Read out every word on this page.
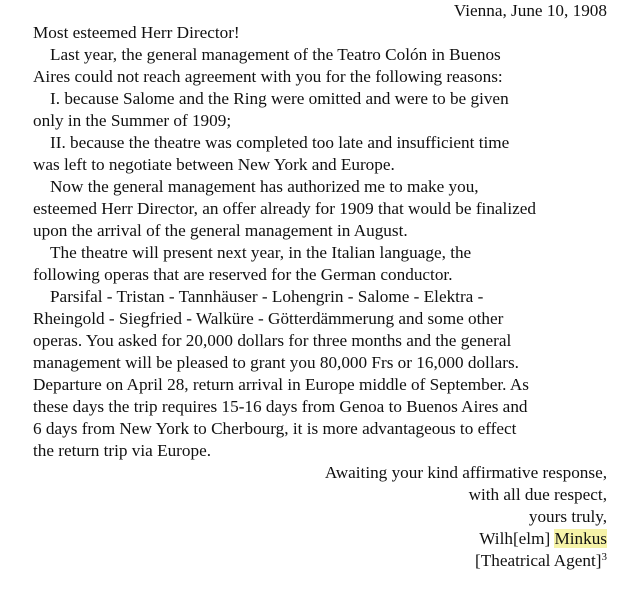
Vienna, June 10, 1908
Most esteemed Herr Director!
Last year, the general management of the Teatro Colón in Buenos
Aires could not reach agreement with you for the following reasons:
I. because Salome and the Ring were omitted and were to be given
only in the Summer of 1909;
II. because the theatre was completed too late and insufficient time
was left to negotiate between New York and Europe.
Now the general management has authorized me to make you,
esteemed Herr Director, an offer already for 1909 that would be finalized
upon the arrival of the general management in August.
The theatre will present next year, in the Italian language, the
following operas that are reserved for the German conductor.
Parsifal - Tristan - Tannhäuser - Lohengrin - Salome - Elektra -
Rheingold - Siegfried - Walküre - Götterdämmerung and some other
operas. You asked for 20,000 dollars for three months and the general
management will be pleased to grant you 80,000 Frs or 16,000 dollars.
Departure on April 28, return arrival in Europe middle of September. As
these days the trip requires 15-16 days from Genoa to Buenos Aires and
6 days from New York to Cherbourg, it is more advantageous to effect
the return trip via Europe.
Awaiting your kind affirmative response,
with all due respect,
yours truly,
Wilh[elm] Minkus
[Theatrical Agent]$^3$
